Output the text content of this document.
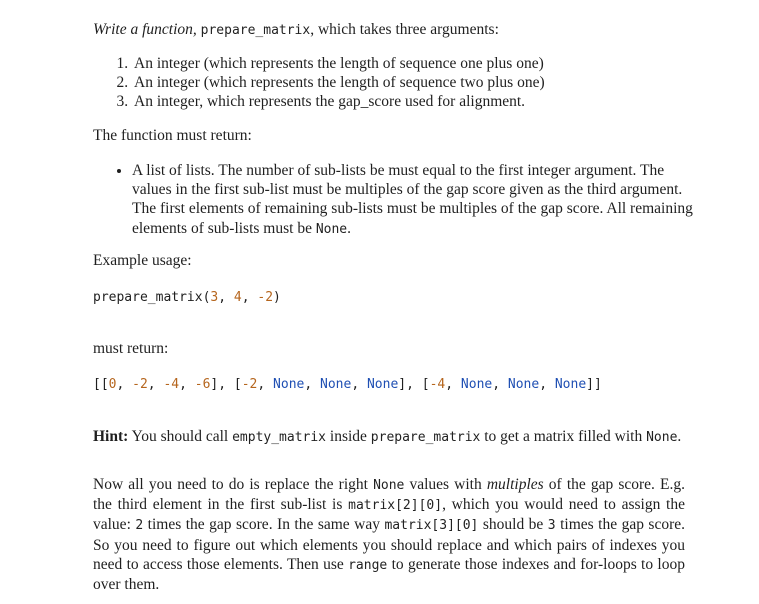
Write a function, prepare_matrix, which takes three arguments:

1. An integer (which represents the length of sequence one plus one)
2. An integer (which represents the length of sequence two plus one)
3. An integer, which represents the gap_score used for alignment.

The function must return:

• A list of lists. The number of sub-lists be must equal to the first integer argument. The values in the first sub-list must be multiples of the gap score given as the third argument. The first elements of remaining sub-lists must be multiples of the gap score. All remaining elements of sub-lists must be None.

Example usage:

prepare_matrix(3, 4, -2)

must return:

[[0, -2, -4, -6], [-2, None, None, None], [-4, None, None, None]]

Hint: You should call empty_matrix inside prepare_matrix to get a matrix filled with None.

Now all you need to do is replace the right None values with multiples of the gap score. E.g. the third element in the first sub-list is matrix[2][0], which you would need to assign the value: 2 times the gap score. In the same way matrix[3][0] should be 3 times the gap score. So you need to figure out which elements you should replace and which pairs of indexes you need to access those elements. Then use range to generate those indexes and for-loops to loop over them.
